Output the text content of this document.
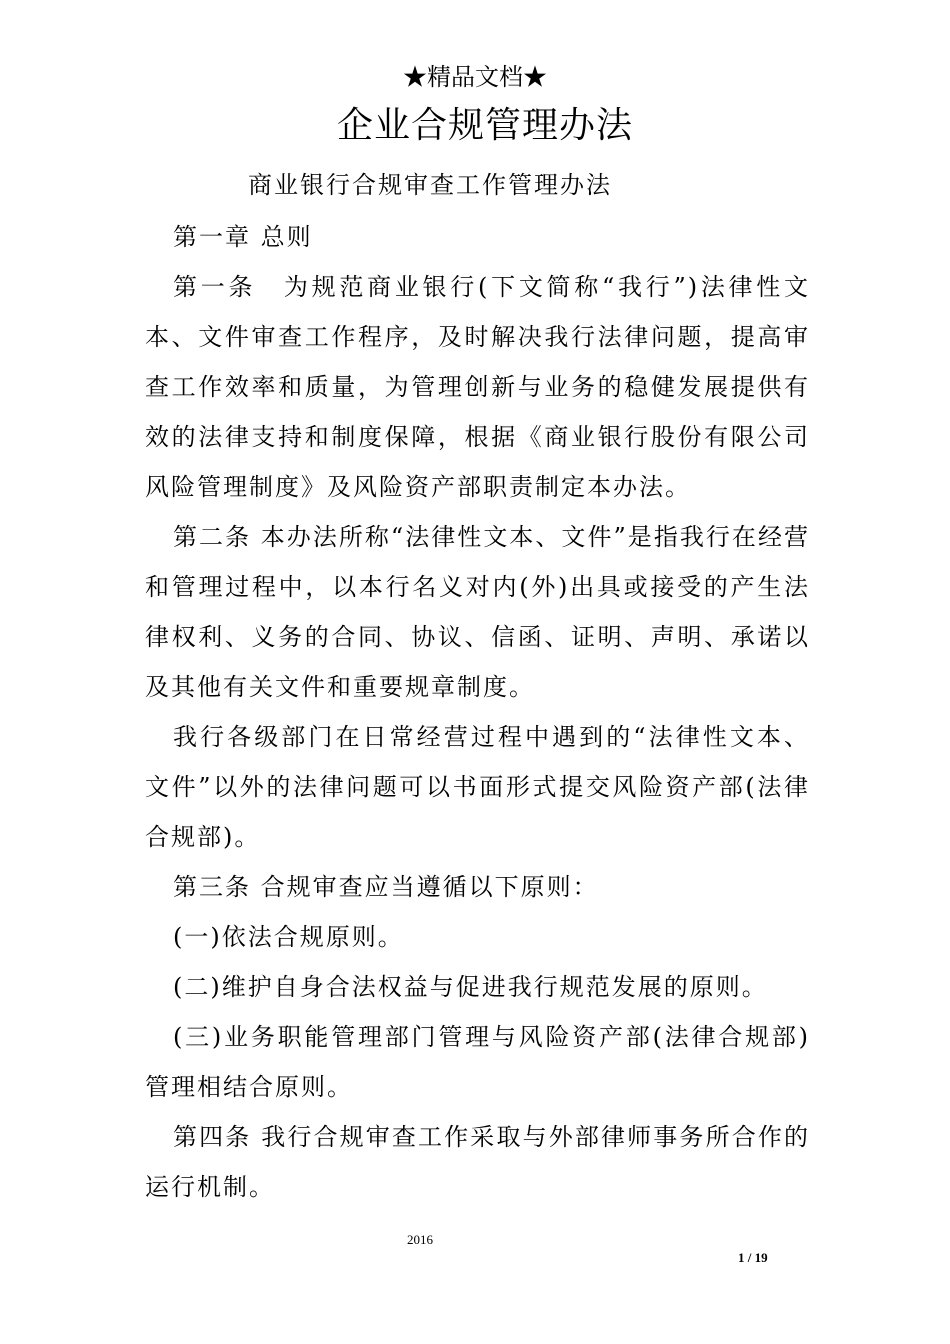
★精品文档★
企业合规管理办法
商业银行合规审查工作管理办法

第一章 总则

第一条　为规范商业银行(下文简称“我行”)法律性文本、文件审查工作程序，及时解决我行法律问题，提高审查工作效率和质量，为管理创新与业务的稳健发展提供有效的法律支持和制度保障，根据《商业银行股份有限公司风险管理制度》及风险资产部职责制定本办法。

第二条 本办法所称“法律性文本、文件”是指我行在经营和管理过程中，以本行名义对内(外)出具或接受的产生法律权利、义务的合同、协议、信函、证明、声明、承诺以及其他有关文件和重要规章制度。

我行各级部门在日常经营过程中遇到的“法律性文本、文件”以外的法律问题可以书面形式提交风险资产部(法律合规部)。

第三条 合规审查应当遵循以下原则：

(一)依法合规原则。

(二)维护自身合法权益与促进我行规范发展的原则。

(三)业务职能管理部门管理与风险资产部(法律合规部)管理相结合原则。

第四条 我行合规审查工作采取与外部律师事务所合作的运行机制。

2016
1 / 19
